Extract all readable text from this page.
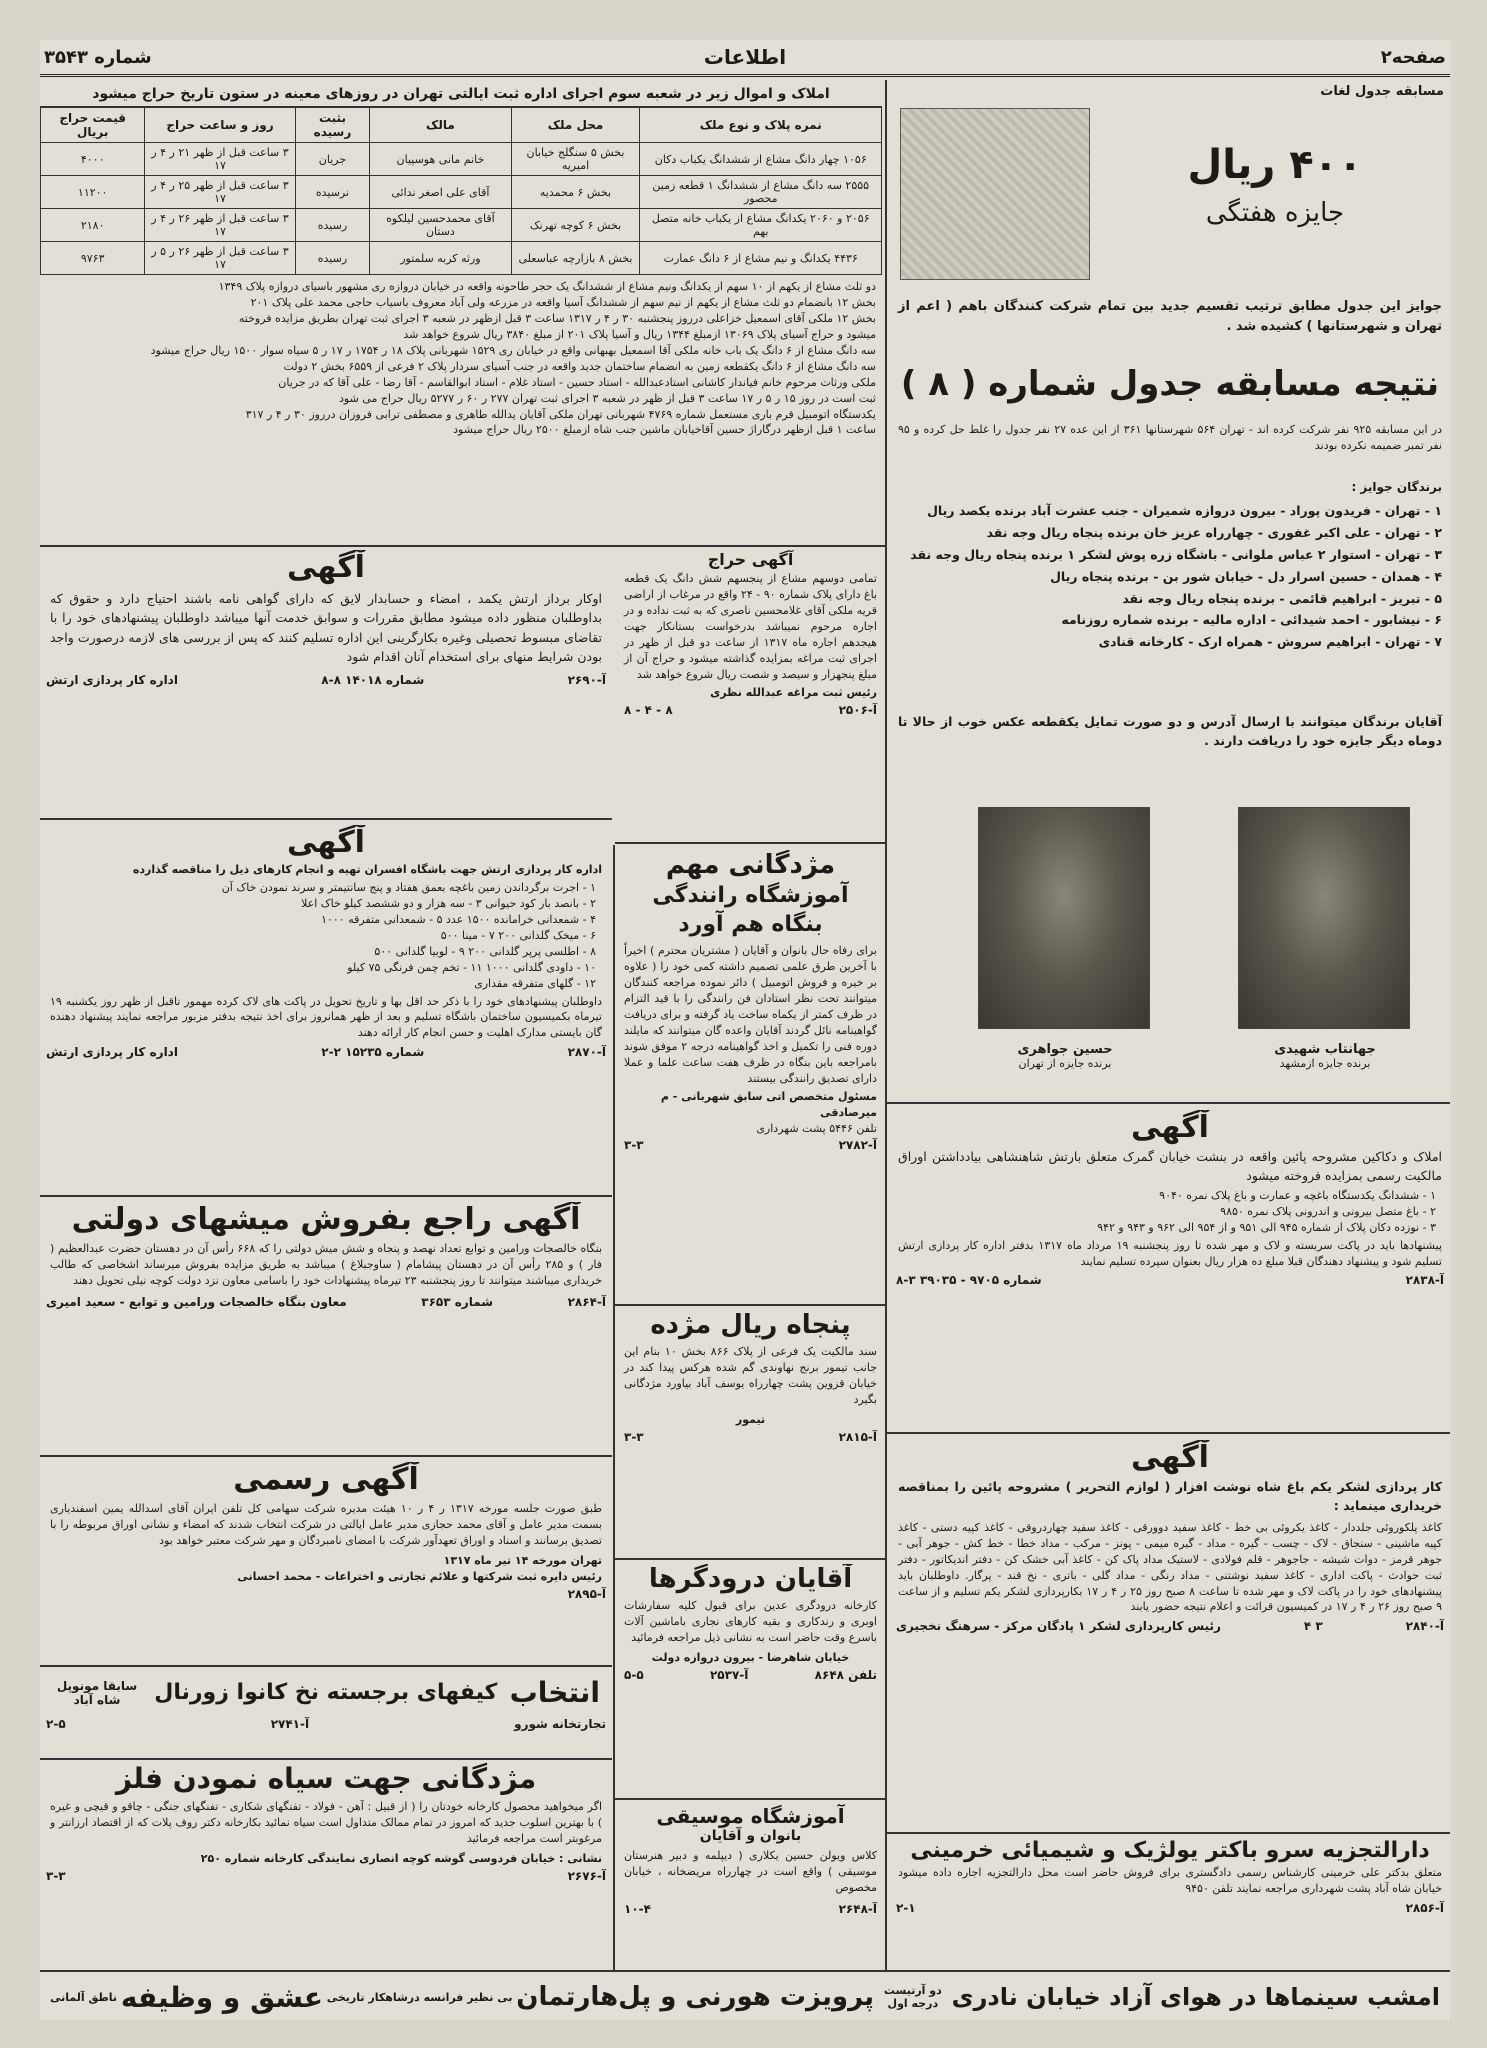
صفحه۲
اطلاعات
شماره ۳۵۴۳
املاک و اموال زیر در شعبه سوم اجرای اداره ثبت ایالتی تهران در روزهای معینه در ستون تاریخ حراج میشود
نمره پلاک و نوع ملک	محل ملک	مالک	بثبت رسیده	روز و ساعت حراج	قیمت حراج بریال
۱۰۵۶ چهار دانگ مشاع از ششدانگ یکباب دکان	بخش ۵ سنگلج خیابان امیریه	خانم مانی هوسپیان	جریان	۳ ساعت قبل از ظهر ۲۱ ر ۴ ر ۱۷	۴۰۰۰
۲۵۵۵ سه دانگ مشاع از ششدانگ ۱ قطعه زمین محصور	بخش ۶ محمدیه	آقای علی اصغر ندائی	نرسیده	۳ ساعت قبل از ظهر ۲۵ ر ۴ ر ۱۷	۱۱۲۰۰
۲۰۵۶ و ۲۰۶۰ یکدانگ مشاع از یکباب خانه متصل بهم	بخش ۶ کوچه تهرنک	آقای محمدحسین لیلکوه دستان	رسیده	۳ ساعت قبل از ظهر ۲۶ ر ۴ ر ۱۷	۲۱۸۰
۴۴۳۶ یکدانگ و نیم مشاع از ۶ دانگ عمارت	بخش ۸ بازارچه عباسعلی	ورثه کربه سلمتور	رسیده	۳ ساعت قبل از ظهر ۲۶ ر ۵ ر ۱۷	۹۷۶۳
دو ثلث مشاع از یکهم از ۱۰ سهم از یکدانگ ونیم مشاع از ششدانگ یک حجر طاحونه واقعه در خیابان دروازه ری مشهور باسیای دروازه پلاک ۱۳۴۹
بخش ۱۲ بانضمام دو ثلث مشاع از یکهم از نیم سهم از ششدانگ آسیا واقعه در مزرعه ولی آباد معروف باسیاب حاجی محمد علی پلاک ۲۰۱
بخش ۱۲ ملکی آقای اسمعیل خزاعلی درروز پنجشنبه ۳۰ ر ۴ ر ۱۳۱۷ ساعت ۳ قبل ازظهر در شعبه ۳ اجرای ثبت تهران بطریق مزایده فروخته
میشود و حراج آسیای پلاک ۱۳۰۶۹ ازمبلغ ۱۳۴۴ ریال و آسیا پلاک ۲۰۱ از مبلغ ۳۸۴۰ ریال شروع خواهد شد
سه دانگ مشاع از ۶ دانگ یک باب خانه ملکی آقا اسمعیل بهبهانی واقع در خیابان ری ۱۵۲۹ شهربانی پلاک ۱۸ ر ۱۷۵۴ ر ۱۷ ر ۵ سیاه سوار ۱۵۰۰ ریال حراج میشود
سه دانگ مشاع از ۶ دانگ یکقطعه زمین به انضمام ساختمان جدید واقعه در جنب آسیای سردار پلاک ۲ فرعی از ۶۵۵۹ بخش ۲ دولت
ملکی ورثات مرحوم خانم فیاندار کاشانی استادعبدالله - استاد حسین - استاد غلام - استاد ابوالقاسم - آقا رضا - علی آقا که در جریان
ثبت است در روز ۱۵ ر ۵ ر ۱۷ ساعت ۳ قبل از ظهر در شعبه ۳ اجرای ثبت تهران ۲۷۷ ر ۶۰ ر ۵۲۷۷ ریال حراج می شود
یکدستگاه اتومبیل قرم باری مستعمل شماره ۴۷۶۹ شهربانی تهران ملکی آقایان یدالله طاهری و مصطفی ترابی فروزان درروز ۳۰ ر ۴ ر ۳۱۷
ساعت ۱ قبل ازظهر درگاراژ حسین آقاخیابان ماشین جنب شاه ازمبلغ ۲۵۰۰ ریال حراج میشود
مسابقه جدول لغات
۴۰۰ ریال
جایزه هفتگی
جوایز این جدول مطابق ترتیب تقسیم جدید بین تمام شرکت کنندگان باهم ( اعم از تهران و شهرستانها ) کشیده شد .
نتیجه مسابقه جدول شماره ( ۸ )
در این مسابقه ۹۲۵ نفر شرکت کرده اند - تهران ۵۶۴ شهرستانها ۳۶۱ از این عده ۲۷ نفر جدول را غلط حل کرده و ۹۵ نفر تمبر ضمیمه نکرده بودند
برندگان جوایز :
۱ - تهران - فریدون پوراد - بیرون دروازه شمیران - جنب عشرت آباد برنده یکصد ریال
۲ - تهران - علی اکبر غفوری - چهارراه عزیز خان برنده پنجاه ریال وجه نقد
۳ - تهران - استوار ۲ عباس ملوانی - باشگاه زره پوش لشکر ۱ برنده پنجاه ریال وجه نقد
۴ - همدان - حسین اسرار دل - خیابان شور بن - برنده پنجاه ریال
۵ - تبریز - ابراهیم قائمی - برنده پنجاه ریال وجه نقد
۶ - نیشابور - احمد شیدائی - اداره مالیه - برنده شماره روزنامه
۷ - تهران - ابراهیم سروش - همراه ارک - کارخانه قنادی
آقایان برندگان میتوانند با ارسال آدرس و دو صورت تمایل یکقطعه عکس خوب از حالا تا دوماه دیگر جایزه خود را دریافت دارند .
جهانتاب شهیدی
برنده جایزه ازمشهد
حسین جواهری
برنده جایزه از تهران
آگهی
املاک و دکاکین مشروحه پائین واقعه در بنشت خیابان گمرک متعلق بارتش شاهنشاهی بیادداشتن اوراق مالکیت رسمی بمزایده فروخته میشود
۱ - ششدانگ یکدستگاه باغچه و عمارت و باغ پلاک نمره ۹۰۴۰
۲ - باغ متصل بیرونی و اندرونی پلاک نمره ۹۸۵۰
۳ - نوزده دکان پلاک از شماره ۹۴۵ الی ۹۵۱ و از ۹۵۴ الی ۹۶۲ و ۹۴۳ و ۹۴۲
پیشنهادها باید در پاکت سربسته و لاک و مهر شده تا روز پنجشنبه ۱۹ مرداد ماه ۱۳۱۷ بدفتر اداره کار پردازی ارتش تسلیم شود و پیشنهاد دهندگان قبلا مبلغ ده هزار ریال بعنوان سپرده تسلیم نمایند
آ-۲۸۳۸
شماره ۹۷۰۵ - ۳۹۰۳۵ ۳-۸
آگهی
کار پردازی لشکر یکم باغ شاه نوشت افزار ( لوازم التحریر ) مشروحه پائین را بمناقصه خریداری مینماید :
کاغذ پلکوروئی جلددار - کاغذ یکروئی بی خط - کاغذ سفید دوورقی - کاغذ سفید چهاردروقی - کاغذ کپیه دستی - کاغذ کپیه ماشینی - سنجاق - لاک - چسب - گیره - مداد - گیره میمی - پونز - مرکب - مداد خطا - خط کش - جوهر آبی - جوهر قرمز - دوات شیشه - جاجوهر - قلم فولادی - لاستیک مداد پاک کن - کاغذ آبی خشک کن - دفتر اندیکاتور - دفتر ثبت حوادث - پاکت اداری - کاغذ سفید نوشتنی - مداد رنگی - مداد گلی - باتری - نخ قند - پرگار. داوطلبان باید پیشنهادهای خود را در پاکت لاک و مهر شده تا ساعت ۸ صبح روز ۲۵ ر ۴ ر ۱۷ بکارپردازی لشکر یکم تسلیم و از ساعت ۹ صبح روز ۲۶ ر ۴ ر ۱۷ در کمیسیون قرائت و اعلام نتیجه حضور یابند
آ-۲۸۴۰
۳ ۴
رئیس کارپردازی لشکر ۱ پادگان مرکز - سرهنگ نخجیری
دارالتجزیه سرو باکتر یولژیک و شیمیائی خرمینی
متعلق بدکتر علی خرمینی کارشناس رسمی دادگستری برای فروش حاضر است محل دارالتجزیه اجاره داده میشود خیابان شاه آباد پشت شهرداری مراجعه نمایند تلفن ۹۴۵۰
آ-۲۸۵۶
۲-۱
آگهی
اوکار برداز ارتش یکمد ، امضاء و حسابدار لایق که دارای گواهی نامه باشند احتیاج دارد و حقوق که بداوطلبان منظور داده میشود مطابق مقررات و سوابق خدمت آنها میباشد داوطلبان پیشنهادهای خود را با تقاضای مبسوط تحصیلی وغیره بکارگرینی این اداره تسلیم کنند که پس از بررسی های لازمه درصورت واجد بودن شرایط منهای برای استخدام آنان اقدام شود
آ-۲۶۹۰
شماره ۱۴۰۱۸ ۸-۸
اداره کار پردازی ارتش
آگهی حراج
تمامی دوسهم مشاع از پنجسهم شش دانگ یک قطعه باغ دارای پلاک شماره ۹۰ - ۲۴ واقع در مرغاب از اراضی قریه ملکی آقای غلامحسین ناصری که به ثبت نداده و در اجاره مرحوم نمیباشد بدرخواست بستانکار جهت هیجدهم اجاره ماه ۱۳۱۷ از ساعت دو قبل از ظهر در اجرای ثبت مراغه بمزایده گذاشته میشود و حراج آن از مبلغ پنجهزار و سیصد و شصت ریال شروع خواهد شد
رئیس ثبت مراغه عبدالله نظری
آ-۲۵۰۶
۸ - ۴ - ۸
آگهی
اداره کار پردازی ارتش جهت باشگاه افسران تهیه و انجام کارهای ذیل را مناقصه گذارده
۱ - اجرت برگرداندن زمین باغچه بعمق هفتاد و پنج سانتیمتر و سرند نمودن خاک آن
۲ - بانصد بار کود حیوانی ۳ - سه هزار و دو ششصد کیلو خاک اعلا
۴ - شمعدانی خرامانده ۱۵۰۰ عدد ۵ - شمعدانی متفرقه ۱۰۰۰
۶ - میخک گلدانی ۲۰۰ ۷ - مینا ۵۰۰
۸ - اطلسی پرپر گلدانی ۲۰۰ ۹ - لوبیا گلدانی ۵۰۰
۱۰ - داودی گلدانی ۱۰۰۰ ۱۱ - تخم چمن فرنگی ۷۵ کیلو
۱۲ - گلهای متفرقه مقداری
داوطلبان پیشنهادهای خود را با ذکر حد اقل بها و تاریخ تحویل در پاکت های لاک کرده مهمور تاقبل از ظهر روز یکشنبه ۱۹ تیرماه بکمیسیون ساختمان باشگاه تسلیم و بعد از ظهر همانروز برای اخذ نتیجه بدفتر مزبور مراجعه نمایند پیشنهاد دهنده گان بایستی مدارک اهلیت و حسن انجام کار ارائه دهند
آ-۲۸۷۰
شماره ۱۵۲۳۵ ۲-۲
اداره کار پردازی ارتش
مژدگانی مهم
آموزشگاه رانندگی بنگاه هم آورد
برای رفاه حال بانوان و آقایان ( مشتریان محترم ) اخیراً با آخرین طرق علمی تصمیم داشته کمی خود را ( علاوه بر خیره و فروش اتومبیل ) دائر نموده مراجعه کنندگان میتوانند تحت نظر استادان فن رانندگی را با قید التزام در ظرف کمتر از یکماه ساخت یاد گرفته و برای دریافت گواهینامه نائل گردند آقایان واعده گان میتوانند که مایلند دوره فنی را تکمیل و اخذ گواهینامه درجه ۲ موفق شوند بامراجعه باین بنگاه در ظرف هفت ساعت علما و عملا دارای تصدیق رانندگی بیستند
مسئول متخصص اتی سابق شهربانی - م میرصادقی
تلفن ۵۴۴۶ پشت شهرداری
آ-۲۷۸۲
۳-۳
آگهی راجع بفروش میشهای دولتی
بنگاه خالصجات ورامین و توابع تعداد نهصد و پنجاه و شش میش دولتی را که ۶۶۸ رأس آن در دهستان حضرت عبدالعظیم ( فار ) و ۲۸۵ رأس آن در دهستان پیشامام ( ساوجبلاغ ) میباشد به طریق مزایده بفروش میرساند اشخاصی که طالب خریداری میباشند میتوانند تا روز پنجشنبه ۲۳ تیرماه پیشنهادات خود را باسامی معاون نزد دولت کوچه نیلی تحویل دهند
آ-۲۸۶۴
شماره ۳۶۵۳
معاون بنگاه خالصجات ورامین و توابع - سعید امیری
پنجاه ریال مژده
سند مالکیت یک فرعی از پلاک ۸۶۶ بخش ۱۰ بنام این جانب تیمور برنج نهاوندی گم شده هرکس پیدا کند در خیابان قزوین پشت چهارراه یوسف آباد بیاورد مژدگانی بگیرد
تیمور
آ-۲۸۱۵
۳-۳
آگهی رسمی
طبق صورت جلسه مورخه ۱۳۱۷ ر ۴ ر ۱۰ هیئت مدیره شرکت سهامی کل تلفن ایران آقای اسدالله یمین اسفندیاری بسمت مدیر عامل و آقای محمد حجازی مدیر عامل ایالتی در شرکت انتخاب شدند که امضاء و نشانی اوراق مربوطه را با تصدیق برسانند و اسناد و اوراق تعهدآور شرکت با امضای نامبردگان و مهر شرکت معتبر خواهد بود
تهران مورخه ۱۴ تیر ماه ۱۳۱۷
رئیس دایره ثبت شرکتها و علائم تجارتی و اختراعات - محمد احسانی
آ-۲۸۹۵	آقایان درودگرها
کارخانه درودگری عدین برای قبول کلیه سفارشات اوبری و رندکاری و بقیه کارهای نجاری باماشین آلات باسرع وقت حاضر است به نشانی ذیل مراجعه فرمائید
خیابان شاهرضا - بیرون دروازه دولت
تلفن ۸۶۴۸
آ-۲۵۳۷
۵-۵
انتخاب
کیفهای برجسته نخ کانوا زورنال
سابقا مونوپل شاه آباد
تجارتخانه شورو
آ-۲۷۴۱
۲-۵
مژدگانی جهت سیاه نمودن فلز
اگر میخواهید محصول کارخانه خودتان را ( از قبیل : آهن - فولاد - تفنگهای شکاری - تفنگهای جنگی - چاقو و قیچی و غیره ) با بهترین اسلوب جدید که امروز در تمام ممالک متداول است سیاه نمائید بکارخانه دکتر روف پلات که از اقتصاد ارزانتر و مرغوبتر است مراجعه فرمائید
نشانی : خیابان فردوسی گوشه کوچه انصاری نمایندگی کارخانه شماره ۲۵۰
آ-۲۶۷۶
۳-۳
آموزشگاه موسیقی
بانوان و آقایان
کلاس ویولن حسین یکلاری ( دیپلمه و دبیر هنرستان موسیقی ) واقع است در چهارراه مریضخانه ، خیابان مخصوص
آ-۲۶۴۸
۱۰-۴
امشب سینماها در هوای آزاد خیابان نادری
دو آرتیست درجه اول
پرویزت هورنی و پل‌هارتمان
بی نظیر فرانسه
درشاهکار تاریخی
عشق و وظیفه
ناطق آلمانی
